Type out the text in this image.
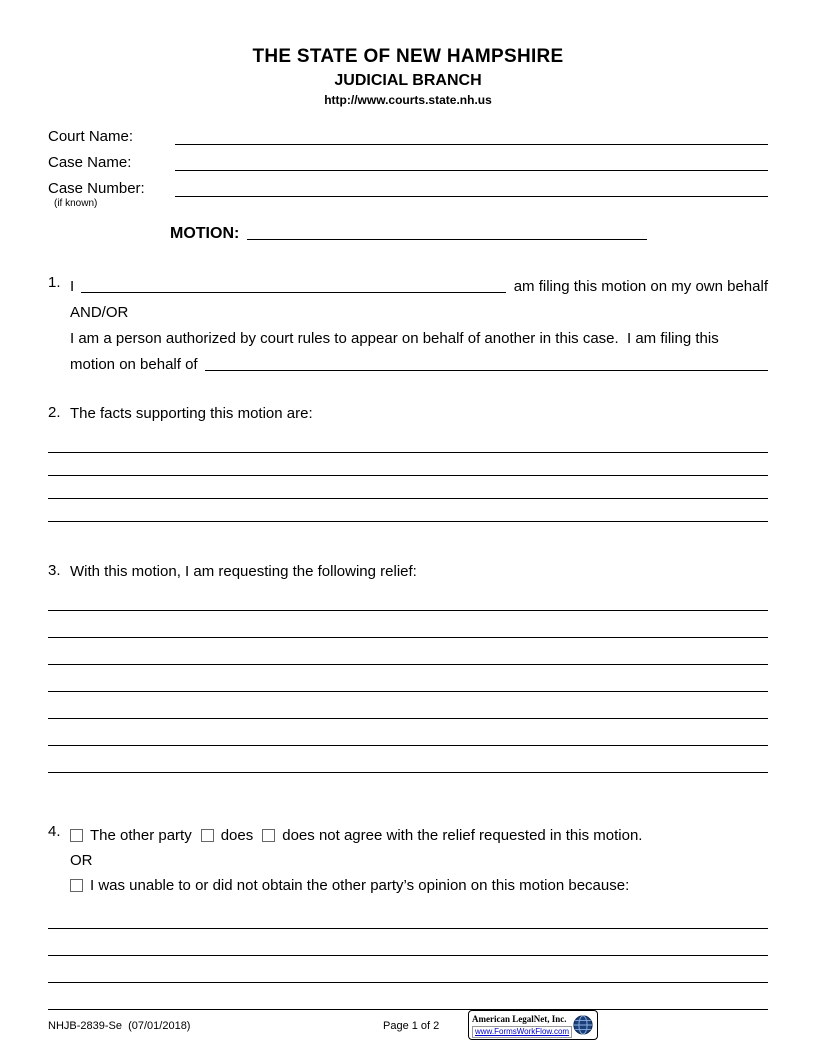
THE STATE OF NEW HAMPSHIRE
JUDICIAL BRANCH
http://www.courts.state.nh.us
Court Name:
Case Name:
Case Number:
(if known)
MOTION:
1. I	am filing this motion on my own behalf
AND/OR
I am a person authorized by court rules to appear on behalf of another in this case.  I am filing this
motion on behalf of
2. The facts supporting this motion are:
3. With this motion, I am requesting the following relief:
4.	The other party does does not agree with the relief requested in this motion.
OR
I was unable to or did not obtain the other party’s opinion on this motion because:
NHJB-2839-Se  (07/01/2018)	Page 1 of 2
American LegalNet, Inc. www.FormsWorkFlow.com
